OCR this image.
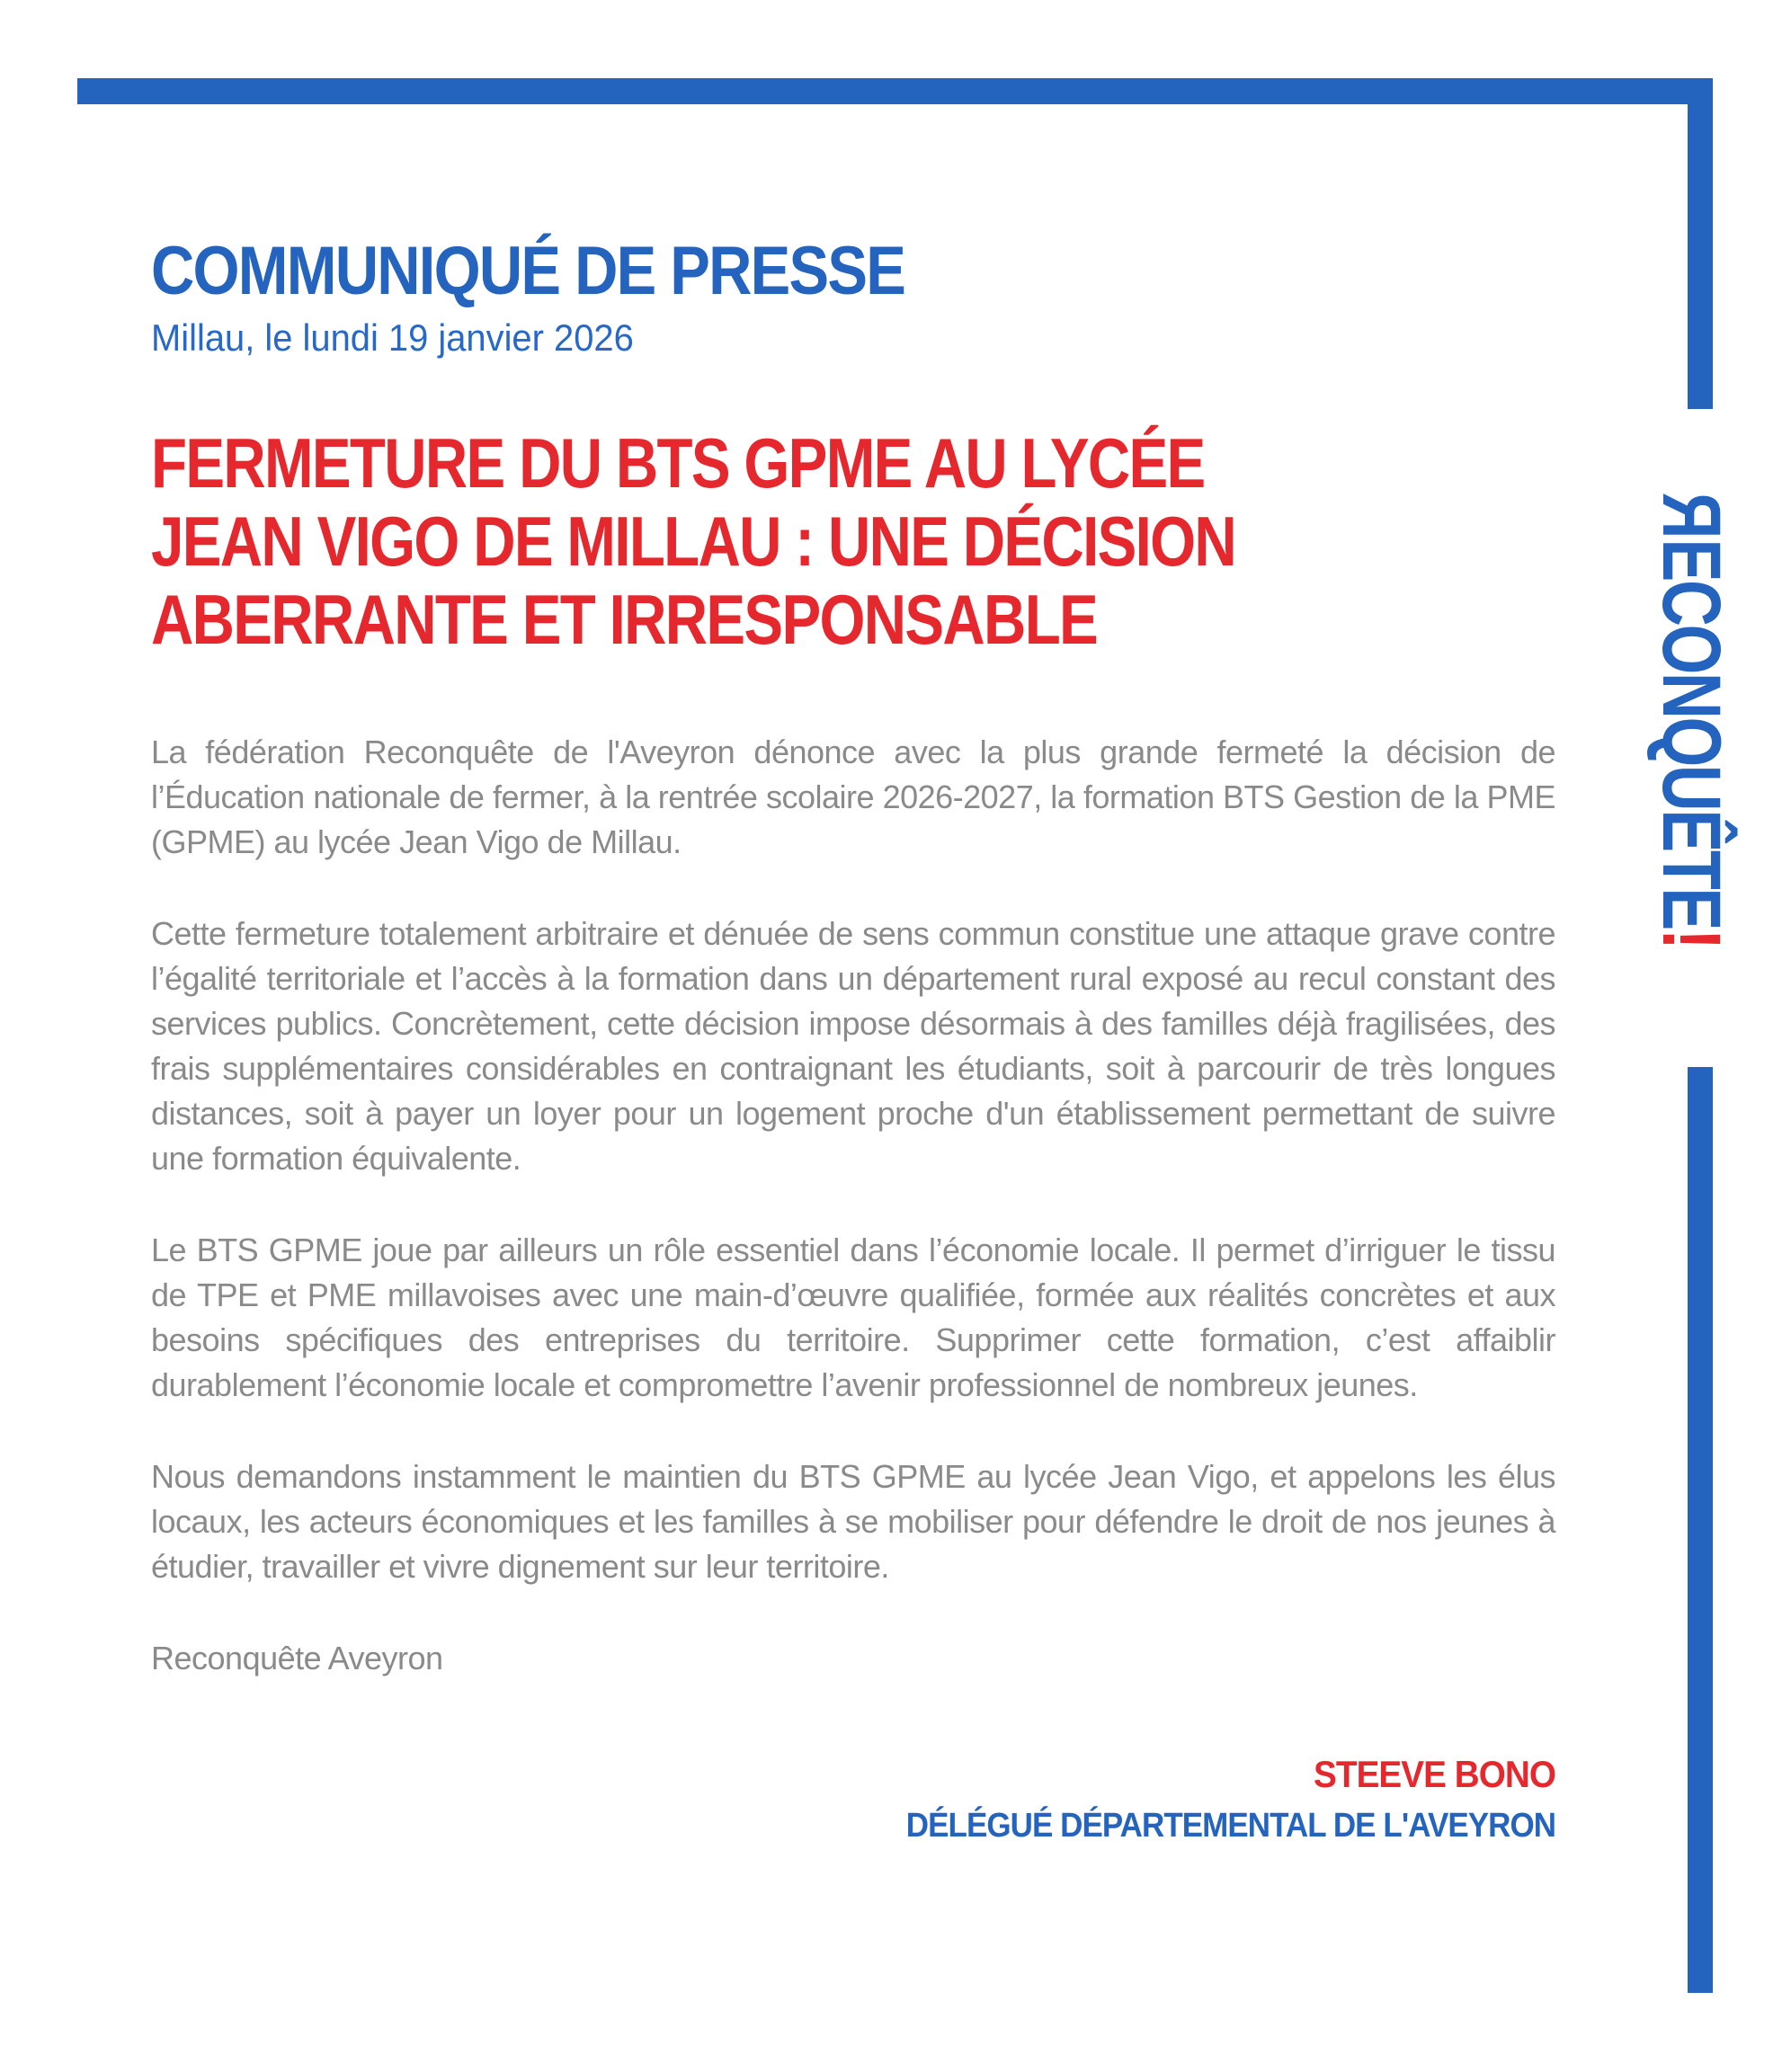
RECONQUÊTE!
COMMUNIQUÉ DE PRESSE
Millau, le lundi 19 janvier 2026
FERMETURE DU BTS GPME AU LYCÉE
JEAN VIGO DE MILLAU : UNE DÉCISION
ABERRANTE ET IRRESPONSABLE

La fédération Reconquête de l'Aveyron dénonce avec la plus grande fermeté la décision de l’Éducation nationale de fermer, à la rentrée scolaire 2026-2027, la formation BTS Gestion de la PME (GPME) au lycée Jean Vigo de Millau.

Cette fermeture totalement arbitraire et dénuée de sens commun constitue une attaque grave contre l’égalité territoriale et l’accès à la formation dans un département rural exposé au recul constant des services publics. Concrètement, cette décision impose désormais à des familles déjà fragilisées, des frais supplémentaires considérables en contraignant les étudiants, soit à parcourir de très longues distances, soit à payer un loyer pour un logement proche d'un établissement permettant de suivre une formation équivalente.

Le BTS GPME joue par ailleurs un rôle essentiel dans l’économie locale. Il permet d’irriguer le tissu de TPE et PME millavoises avec une main-d’œuvre qualifiée, formée aux réalités concrètes et aux besoins spécifiques des entreprises du territoire. Supprimer cette formation, c’est affaiblir durablement l’économie locale et compromettre l’avenir professionnel de nombreux jeunes.

Nous demandons instamment le maintien du BTS GPME au lycée Jean Vigo, et appelons les élus locaux, les acteurs économiques et les familles à se mobiliser pour défendre le droit de nos jeunes à étudier, travailler et vivre dignement sur leur territoire.

Reconquête Aveyron

STEEVE BONO
DÉLÉGUÉ DÉPARTEMENTAL DE L'AVEYRON
